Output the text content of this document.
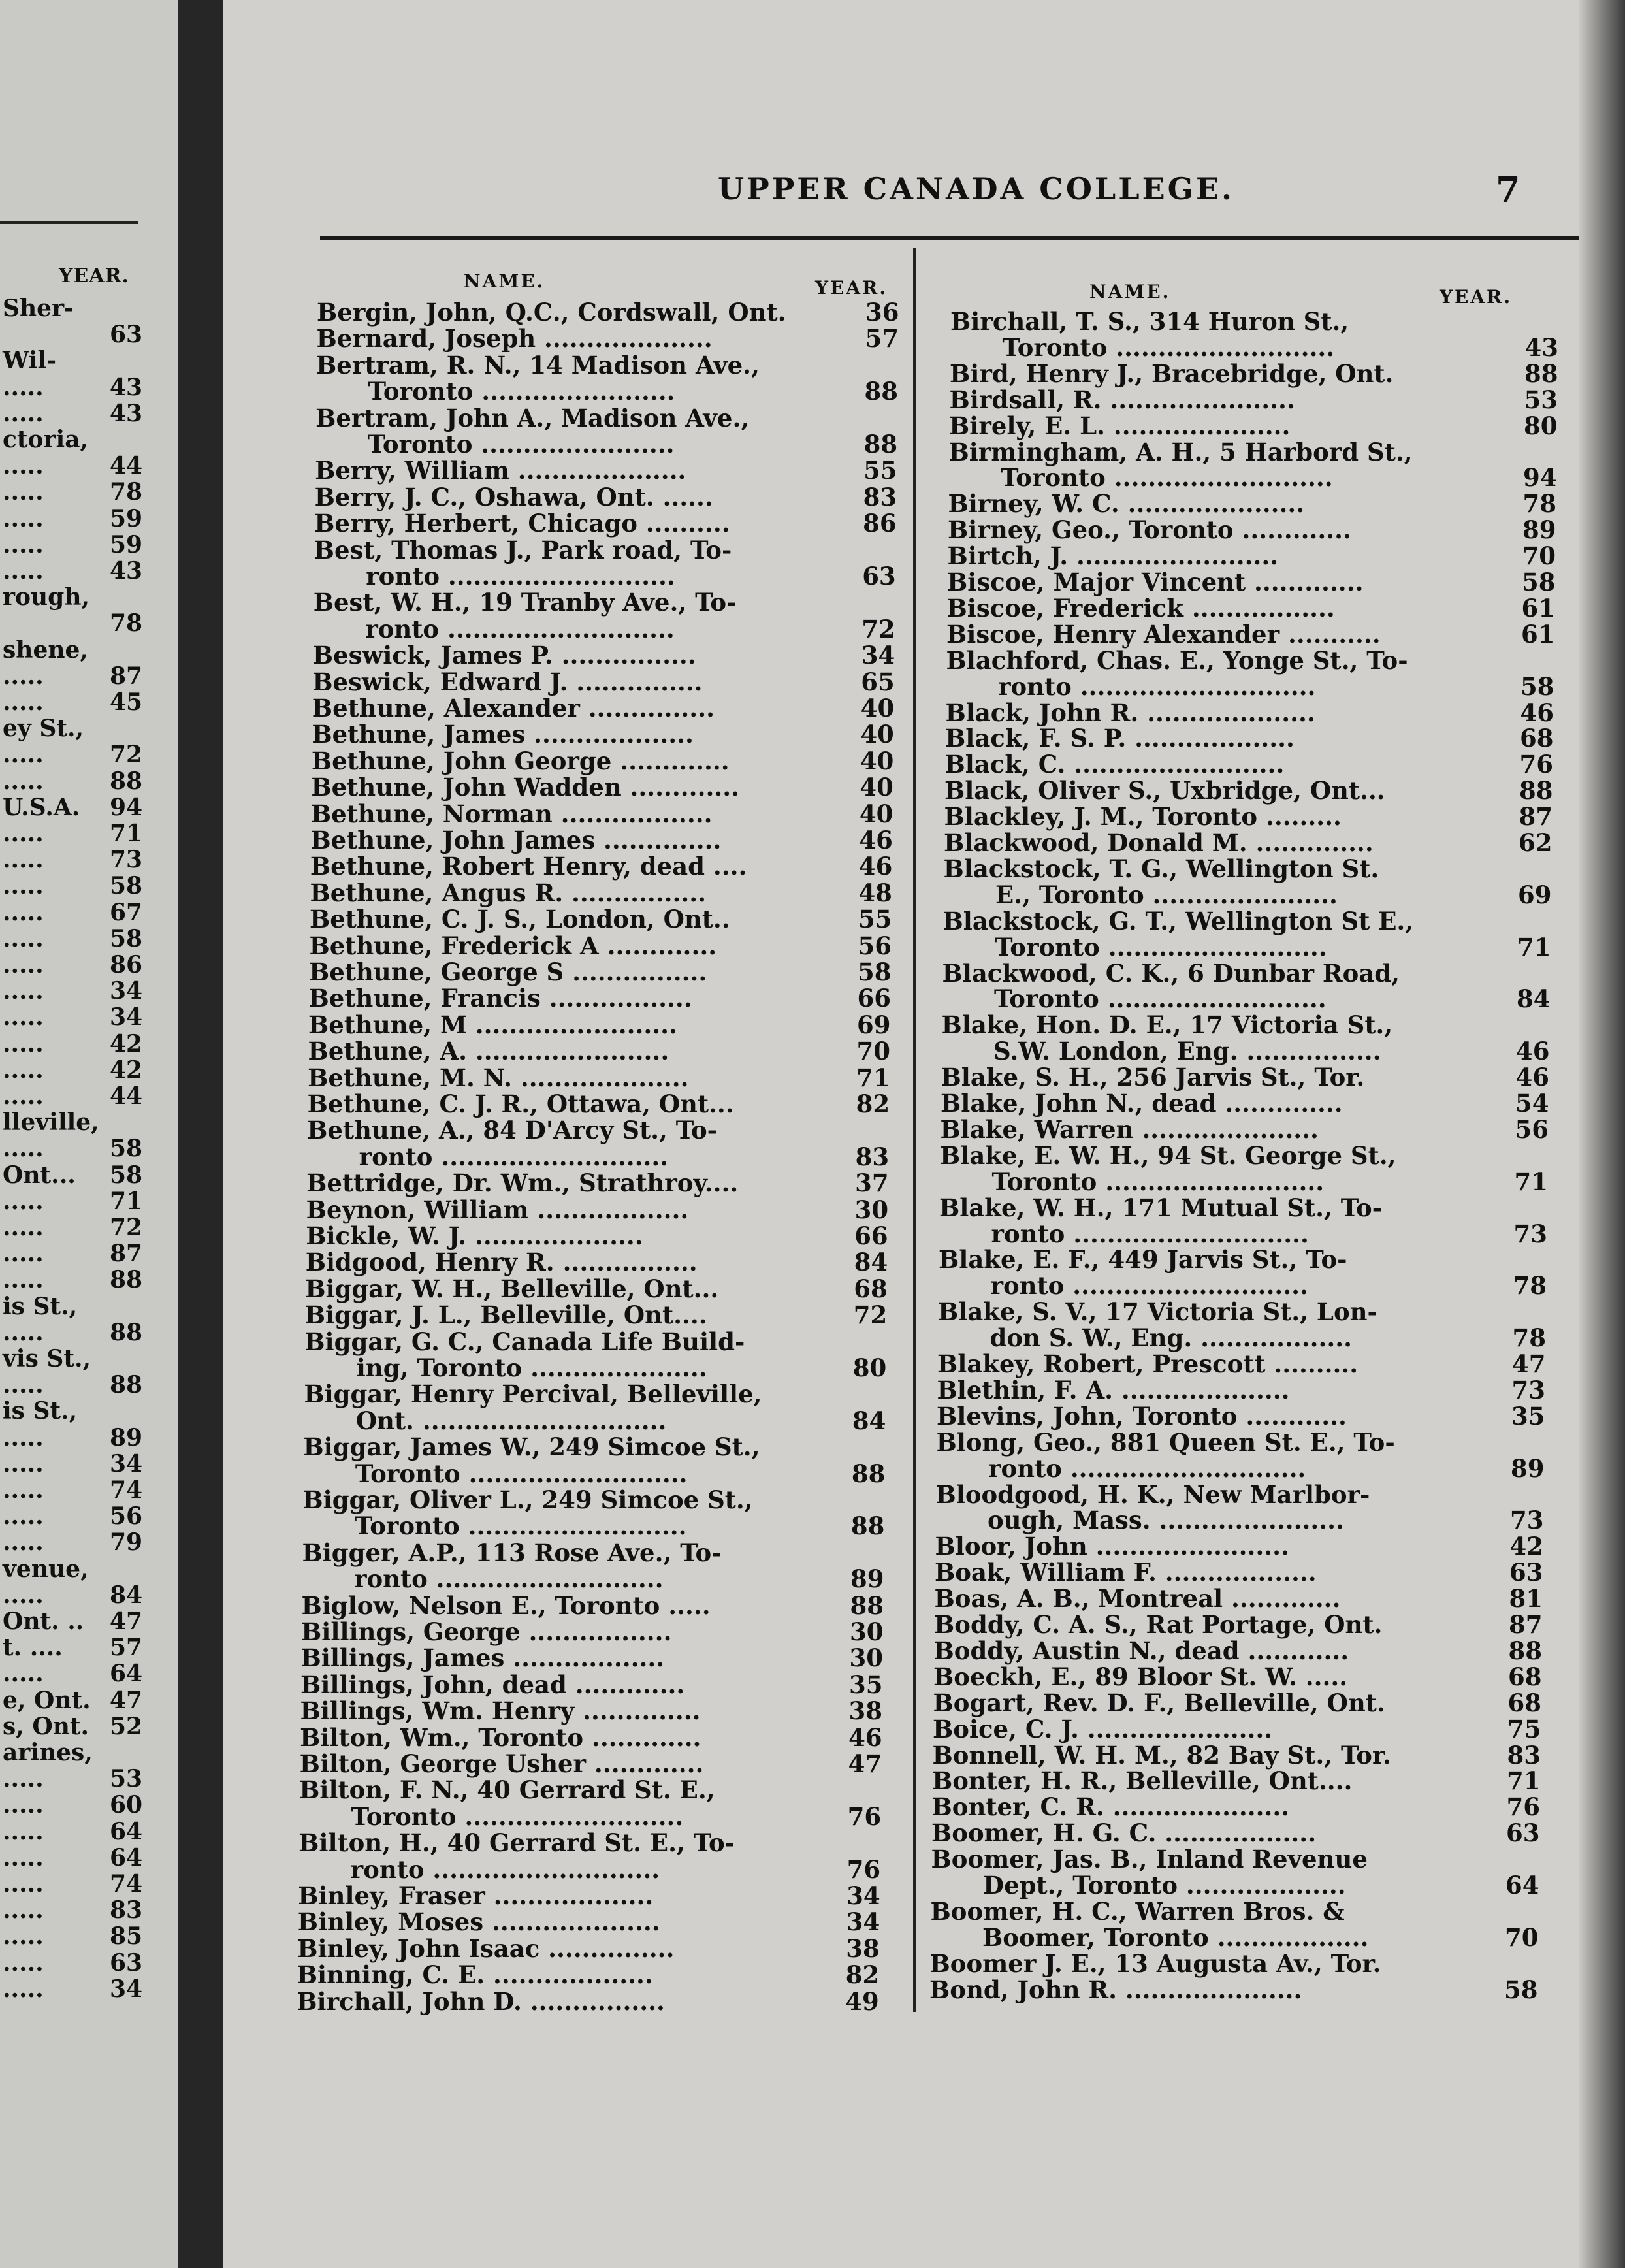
YEAR.
Sher-
63
Wil-
.....	43
.....	43
ctoria,
.....	44
.....	78
.....	59
.....	59
.....	43
rough,
78
shene,
.....	87
.....	45
ey St.,
.....	72
.....	88
U.S.A. 94
.....	71
.....	73
.....	58
.....	67
.....	58
.....	86
.....	34
.....	34
.....	42
.....	42
.....	44
lleville,
.....	58
Ont... 58
.....	71
.....	72
.....	87
.....	88
is St.,
.....	88
vis St.,
.....	88
is St.,
.....	89
.....	34
.....	74
.....	56
.....	79
venue,
.....	84
Ont. .. 47
t. .... 57
.....	64
e, Ont. 47
s, Ont. 52
arines,
.....	53
.....	60
.....	64
.....	64
.....	74
.....	83
.....	85
.....	63
.....	34
UPPER CANADA COLLEGE.	7
NAME.	YEAR.	NAME.	YEAR.
Bergin, John, Q.C., Cordswall, Ont.	36
Bernard, Joseph ....................	57
Bertram, R. N., 14 Madison Ave.,
Toronto .......................	88
Bertram, John A., Madison Ave.,
Toronto .......................	88
Berry, William ....................	55
Berry, J. C., Oshawa, Ont. ......	83
Berry, Herbert, Chicago ..........	86
Best, Thomas J., Park road, To-
ronto ...........................	63
Best, W. H., 19 Tranby Ave., To-
ronto ...........................	72
Beswick, James P. ................	34
Beswick, Edward J. ...............	65
Bethune, Alexander ...............	40
Bethune, James ...................	40
Bethune, John George .............	40
Bethune, John Wadden .............	40
Bethune, Norman ..................	40
Bethune, John James ..............	46
Bethune, Robert Henry, dead ....	46
Bethune, Angus R. ................	48
Bethune, C. J. S., London, Ont..	55
Bethune, Frederick A .............	56
Bethune, George S ................	58
Bethune, Francis .................	66
Bethune, M ........................	69
Bethune, A. .......................	70
Bethune, M. N. ....................	71
Bethune, C. J. R., Ottawa, Ont...	82
Bethune, A., 84 D'Arcy St., To-
ronto ...........................	83
Bettridge, Dr. Wm., Strathroy....	37
Beynon, William ..................	30
Bickle, W. J. ....................	66
Bidgood, Henry R. ................	84
Biggar, W. H., Belleville, Ont...	68
Biggar, J. L., Belleville, Ont....	72
Biggar, G. C., Canada Life Build-
ing, Toronto .....................	80
Biggar, Henry Percival, Belleville,
Ont. .............................	84
Biggar, James W., 249 Simcoe St.,
Toronto ..........................	88
Biggar, Oliver L., 249 Simcoe St.,
Toronto ..........................	88
Bigger, A.P., 113 Rose Ave., To-
ronto ...........................	89
Biglow, Nelson E., Toronto .....	88
Billings, George .................	30
Billings, James ..................	30
Billings, John, dead .............	35
Billings, Wm. Henry ..............	38
Bilton, Wm., Toronto .............	46
Bilton, George Usher .............	47
Bilton, F. N., 40 Gerrard St. E.,
Toronto ..........................	76
Bilton, H., 40 Gerrard St. E., To-
ronto ...........................	76
Binley, Fraser ...................	34
Binley, Moses ....................	34
Binley, John Isaac ...............	38
Binning, C. E. ...................	82
Birchall, John D. ................	49
Birchall, T. S., 314 Huron St.,
Toronto ..........................	43
Bird, Henry J., Bracebridge, Ont.	88
Birdsall, R. ......................	53
Birely, E. L. .....................	80
Birmingham, A. H., 5 Harbord St.,
Toronto ..........................	94
Birney, W. C. .....................	78
Birney, Geo., Toronto .............	89
Birtch, J. ........................	70
Biscoe, Major Vincent .............	58
Biscoe, Frederick .................	61
Biscoe, Henry Alexander ...........	61
Blachford, Chas. E., Yonge St., To-
ronto ............................	58
Black, John R. ....................	46
Black, F. S. P. ...................	68
Black, C. .........................	76
Black, Oliver S., Uxbridge, Ont...	88
Blackley, J. M., Toronto .........	87
Blackwood, Donald M. ..............	62
Blackstock, T. G., Wellington St.
E., Toronto ......................	69
Blackstock, G. T., Wellington St E.,
Toronto ..........................	71
Blackwood, C. K., 6 Dunbar Road,
Toronto ..........................	84
Blake, Hon. D. E., 17 Victoria St.,
S.W. London, Eng. ................	46
Blake, S. H., 256 Jarvis St., Tor.	46
Blake, John N., dead ..............	54
Blake, Warren .....................	56
Blake, E. W. H., 94 St. George St.,
Toronto ..........................	71
Blake, W. H., 171 Mutual St., To-
ronto ............................	73
Blake, E. F., 449 Jarvis St., To-
ronto ............................	78
Blake, S. V., 17 Victoria St., Lon-
don S. W., Eng. ..................	78
Blakey, Robert, Prescott ..........	47
Blethin, F. A. ....................	73
Blevins, John, Toronto ............	35
Blong, Geo., 881 Queen St. E., To-
ronto ............................	89
Bloodgood, H. K., New Marlbor-
ough, Mass. ......................	73
Bloor, John .......................	42
Boak, William F. ..................	63
Boas, A. B., Montreal .............	81
Boddy, C. A. S., Rat Portage, Ont.	87
Boddy, Austin N., dead ............	88
Boeckh, E., 89 Bloor St. W. .....	68
Bogart, Rev. D. F., Belleville, Ont.	68
Boice, C. J. ......................	75
Bonnell, W. H. M., 82 Bay St., Tor.	83
Bonter, H. R., Belleville, Ont....	71
Bonter, C. R. .....................	76
Boomer, H. G. C. ..................	63
Boomer, Jas. B., Inland Revenue
Dept., Toronto ...................	64
Boomer, H. C., Warren Bros. &
Boomer, Toronto ..................	70
Boomer J. E., 13 Augusta Av., Tor.
Bond, John R. .....................	58
